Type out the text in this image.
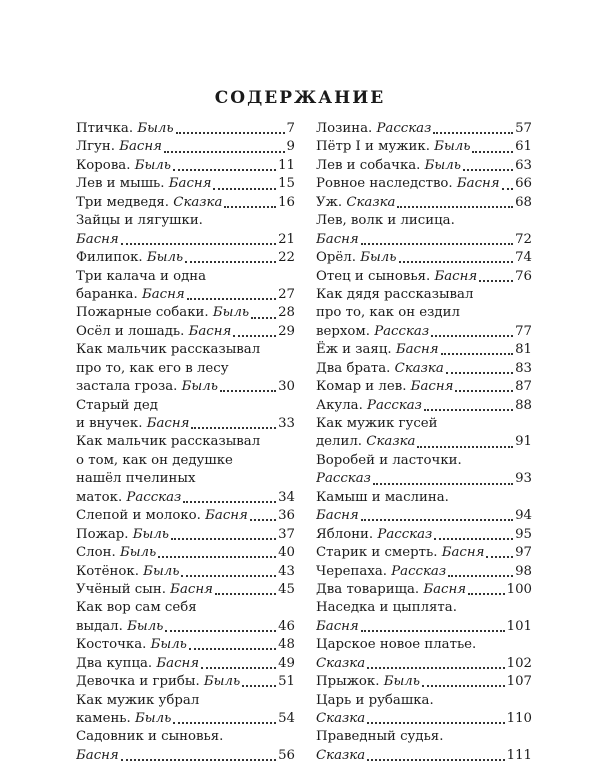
СОДЕРЖАНИЕ
Птичка.
Быль	7
Лгун.
Басня	9
Корова.
Быль	11
Лев и мышь.
Басня	15
Три медведя.
Сказка	16
Зайцы и лягушки.
Басня	21
Филипок.
Быль	22
Три калача и одна
баранка.
Басня	27
Пожарные собаки.
Быль 28
Осёл и лошадь.
Басня	29
Как мальчик рассказывал
про то, как его в лесу
застала гроза.
Быль	30
Старый дед
и внучек.
Басня	33
Как мальчик рассказывал
о том, как он дедушке
нашёл пчелиных
маток.
Рассказ	34
Слепой и молоко.
Басня 36
Пожар.
Быль	37
Слон.
Быль	40
Котёнок.
Быль	43
Учёный сын.
Басня	45
Как вор сам себя
выдал.
Быль	46
Косточка.
Быль	48
Два купца.
Басня	49
Девочка и грибы.
Быль	51
Как мужик убрал
камень.
Быль	54
Садовник и сыновья.
Басня	56
Лозина.
Рассказ	57
Пётр I и мужик.
Быль	61
Лев и собачка.
Быль	63
Ровное наследство.
Басня 66
Уж.
Сказка	68
Лев, волк и лисица.
Басня	72
Орёл.
Быль	74
Отец и сыновья.
Басня	76
Как дядя рассказывал
про то, как он ездил
верхом.
Рассказ	77
Ёж и заяц.
Басня	81
Два брата.
Сказка	83
Комар и лев.
Басня	87
Акула.
Рассказ	88
Как мужик гусей
делил.
Сказка	91
Воробей и ласточки.
Рассказ	93
Камыш и маслина.
Басня	94
Яблони.
Рассказ	95
Старик и смерть.
Басня 97
Черепаха.
Рассказ	98
Два товарища.
Басня	100
Наседка и цыплята.
Басня	101
Царское новое платье.
Сказка	102
Прыжок.
Быль	107
Царь и рубашка.
Сказка	110
Праведный судья.
Сказка	111
